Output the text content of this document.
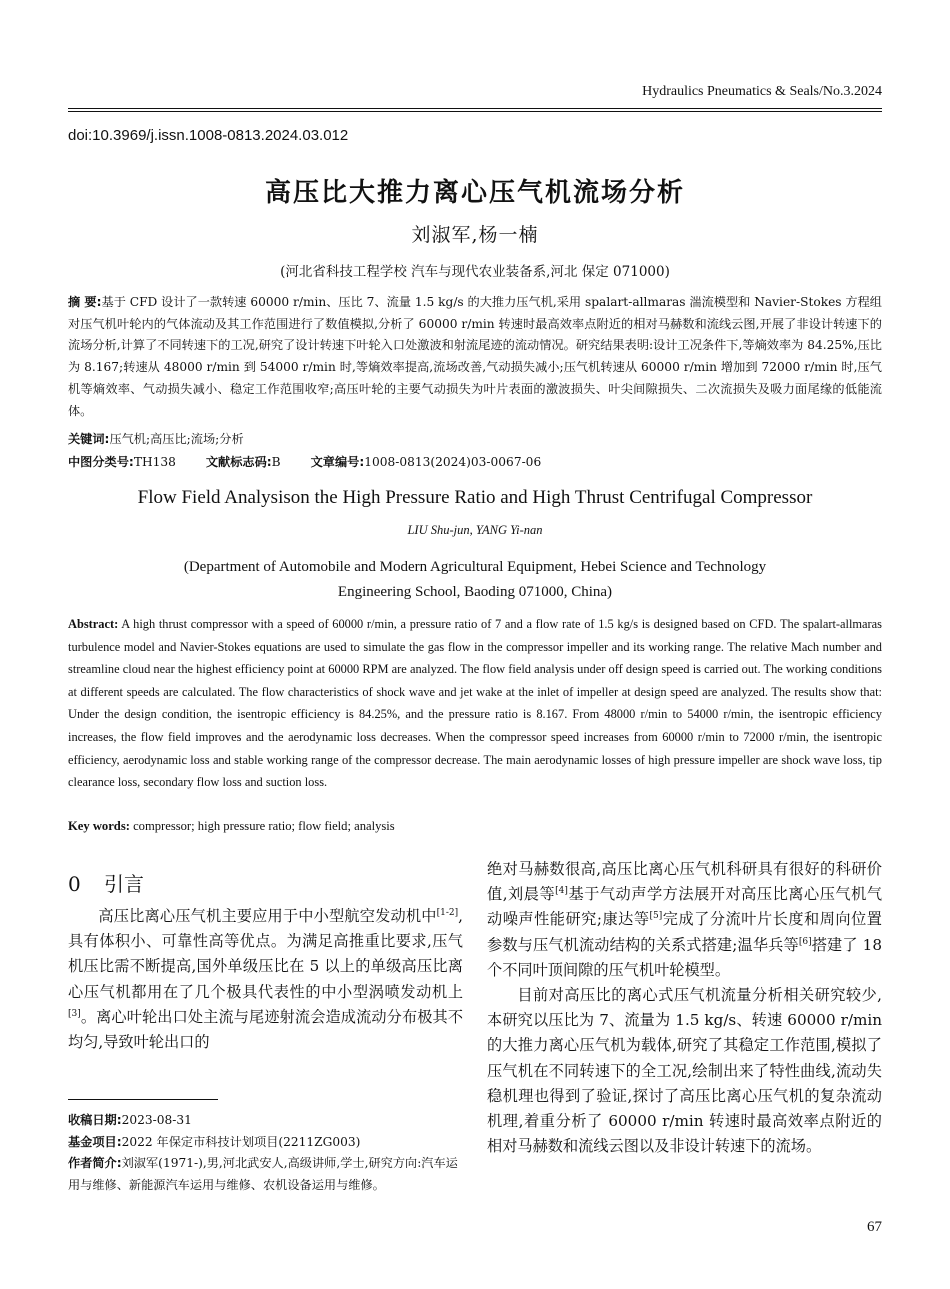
Hydraulics Pneumatics & Seals/No.3.2024
doi:10.3969/j.issn.1008-0813.2024.03.012
高压比大推力离心压气机流场分析
刘淑军,杨一楠
(河北省科技工程学校 汽车与现代农业装备系,河北 保定 071000)
摘 要:基于 CFD 设计了一款转速 60000 r/min、压比 7、流量 1.5 kg/s 的大推力压气机,采用 spalart-allmaras 湍流模型和 Navier-Stokes 方程组对压气机叶轮内的气体流动及其工作范围进行了数值模拟,分析了 60000 r/min 转速时最高效率点附近的相对马赫数和流线云图,开展了非设计转速下的流场分析,计算了不同转速下的工况,研究了设计转速下叶轮入口处激波和射流尾迹的流动情况。研究结果表明:设计工况条件下,等熵效率为 84.25%,压比为 8.167;转速从 48000 r/min 到 54000 r/min 时,等熵效率提高,流场改善,气动损失减小;压气机转速从 60000 r/min 增加到 72000 r/min 时,压气机等熵效率、气动损失减小、稳定工作范围收窄;高压叶轮的主要气动损失为叶片表面的激波损失、叶尖间隙损失、二次流损失及吸力面尾缘的低能流体。
关键词:压气机;高压比;流场;分析
中图分类号:TH138 文献标志码:B 文章编号:1008-0813(2024)03-0067-06
Flow Field Analysison the High Pressure Ratio and High Thrust Centrifugal Compressor
LIU Shu-jun, YANG Yi-nan
(Department of Automobile and Modern Agricultural Equipment, Hebei Science and Technology Engineering School, Baoding 071000, China)
Abstract: A high thrust compressor with a speed of 60000 r/min, a pressure ratio of 7 and a flow rate of 1.5 kg/s is designed based on CFD. The spalart-allmaras turbulence model and Navier-Stokes equations are used to simulate the gas flow in the compressor impeller and its working range. The relative Mach number and streamline cloud near the highest efficiency point at 60000 RPM are analyzed. The flow field analysis under off design speed is carried out. The working conditions at different speeds are calculated. The flow characteristics of shock wave and jet wake at the inlet of impeller at design speed are analyzed. The results show that: Under the design condition, the isentropic efficiency is 84.25%, and the pressure ratio is 8.167. From 48000 r/min to 54000 r/min, the isentropic efficiency increases, the flow field improves and the aerodynamic loss decreases. When the compressor speed increases from 60000 r/min to 72000 r/min, the isentropic efficiency, aerodynamic loss and stable working range of the compressor decrease. The main aerodynamic losses of high pressure impeller are shock wave loss, tip clearance loss, secondary flow loss and suction loss.
Key words: compressor; high pressure ratio; flow field; analysis
0 引言

高压比离心压气机主要应用于中小型航空发动机中[1-2],具有体积小、可靠性高等优点。为满足高推重比要求,压气机压比需不断提高,国外单级压比在 5 以上的单级高压比离心压气机都用在了几个极具代表性的中小型涡喷发动机上[3]。离心叶轮出口处主流与尾迹射流会造成流动分布极其不均匀,导致叶轮出口的

收稿日期:2023-08-31

基金项目:2022 年保定市科技计划项目(2211ZG003)

作者简介:刘淑军(1971-),男,河北武安人,高级讲师,学士,研究方向:汽车运用与维修、新能源汽车运用与维修、农机设备运用与维修。

绝对马赫数很高,高压比离心压气机科研具有很好的科研价值,刘晨等[4]基于气动声学方法展开对高压比离心压气机气动噪声性能研究;康达等[5]完成了分流叶片长度和周向位置参数与压气机流动结构的关系式搭建;温华兵等[6]搭建了 18 个不同叶顶间隙的压气机叶轮模型。

目前对高压比的离心式压气机流量分析相关研究较少,本研究以压比为 7、流量为 1.5 kg/s、转速 60000 r/min 的大推力离心压气机为载体,研究了其稳定工作范围,模拟了压气机在不同转速下的全工况,绘制出来了特性曲线,流动失稳机理也得到了验证,探讨了高压比离心压气机的复杂流动机理,着重分析了 60000 r/min 转速时最高效率点附近的相对马赫数和流线云图以及非设计转速下的流场。

67
